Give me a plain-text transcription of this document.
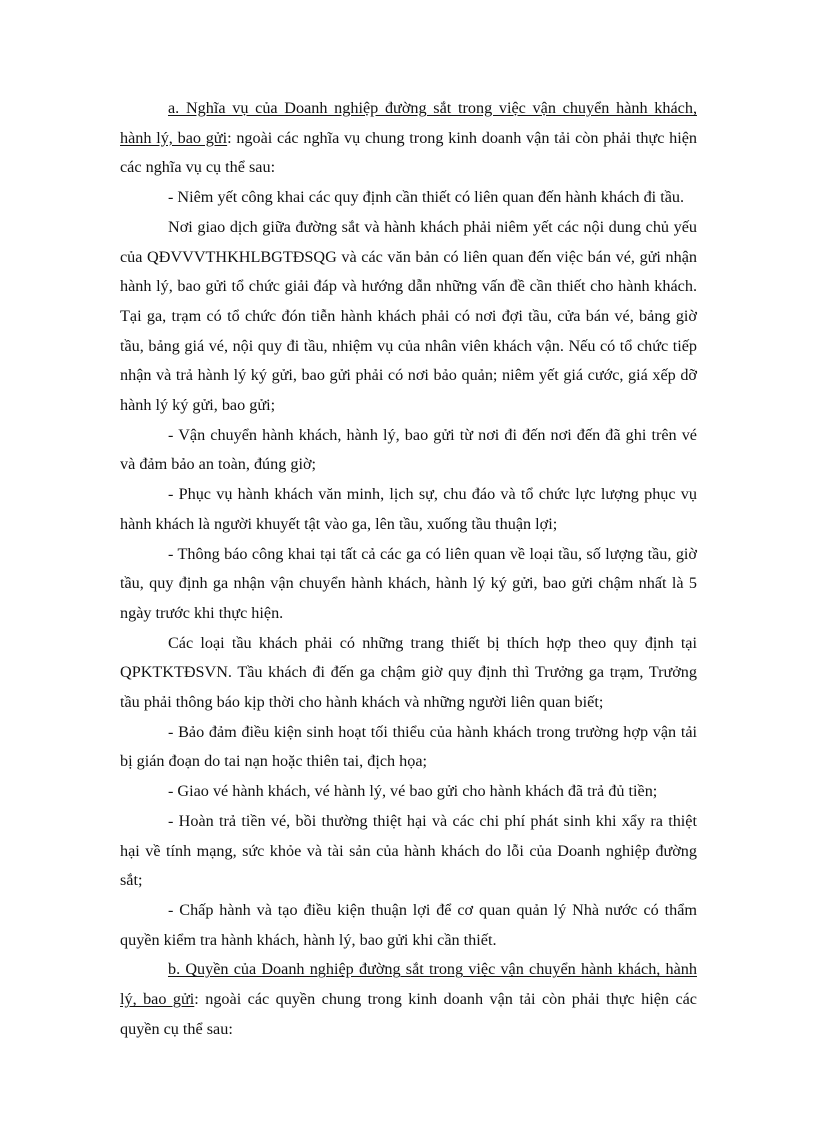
a. Nghĩa vụ của Doanh nghiệp đường sắt trong việc vận chuyển hành khách, hành lý, bao gửi: ngoài các nghĩa vụ chung trong kinh doanh vận tải còn phải thực hiện các nghĩa vụ cụ thể sau:

- Niêm yết công khai các quy định cần thiết có liên quan đến hành khách đi tầu.

Nơi giao dịch giữa đường sắt và hành khách phải niêm yết các nội dung chủ yếu của QĐVVVTHKHLBGTĐSQG và các văn bản có liên quan đến việc bán vé, gửi nhận hành lý, bao gửi tổ chức giải đáp và hướng dẫn những vấn đề cần thiết cho hành khách. Tại ga, trạm có tổ chức đón tiễn hành khách phải có nơi đợi tầu, cửa bán vé, bảng giờ tầu, bảng giá vé, nội quy đi tầu, nhiệm vụ của nhân viên khách vận. Nếu có tổ chức tiếp nhận và trả hành lý ký gửi, bao gửi phải có nơi bảo quản; niêm yết giá cước, giá xếp dỡ hành lý ký gửi, bao gửi;

- Vận chuyển hành khách, hành lý, bao gửi từ nơi đi đến nơi đến đã ghi trên vé và đảm bảo an toàn, đúng giờ;

- Phục vụ hành khách văn minh, lịch sự, chu đáo và tổ chức lực lượng phục vụ hành khách là người khuyết tật vào ga, lên tầu, xuống tầu thuận lợi;

- Thông báo công khai tại tất cả các ga có liên quan về loại tầu, số lượng tầu, giờ tầu, quy định ga nhận vận chuyển hành khách, hành lý ký gửi, bao gửi chậm nhất là 5 ngày trước khi thực hiện.

Các loại tầu khách phải có những trang thiết bị thích hợp theo quy định tại QPKTKTĐSVN. Tầu khách đi đến ga chậm giờ quy định thì Trưởng ga trạm, Trưởng tầu phải thông báo kịp thời cho hành khách và những người liên quan biết;

- Bảo đảm điều kiện sinh hoạt tối thiểu của hành khách trong trường hợp vận tải bị gián đoạn do tai nạn hoặc thiên tai, địch họa;

- Giao vé hành khách, vé hành lý, vé bao gửi cho hành khách đã trả đủ tiền;

- Hoàn trả tiền vé, bồi thường thiệt hại và các chi phí phát sinh khi xẩy ra thiệt hại về tính mạng, sức khỏe và tài sản của hành khách do lỗi của Doanh nghiệp đường sắt;

- Chấp hành và tạo điều kiện thuận lợi để cơ quan quản lý Nhà nước có thẩm quyền kiểm tra hành khách, hành lý, bao gửi khi cần thiết.

b. Quyền của Doanh nghiệp đường sắt trong việc vận chuyển hành khách, hành lý, bao gửi: ngoài các quyền chung trong kinh doanh vận tải còn phải thực hiện các quyền cụ thể sau:
